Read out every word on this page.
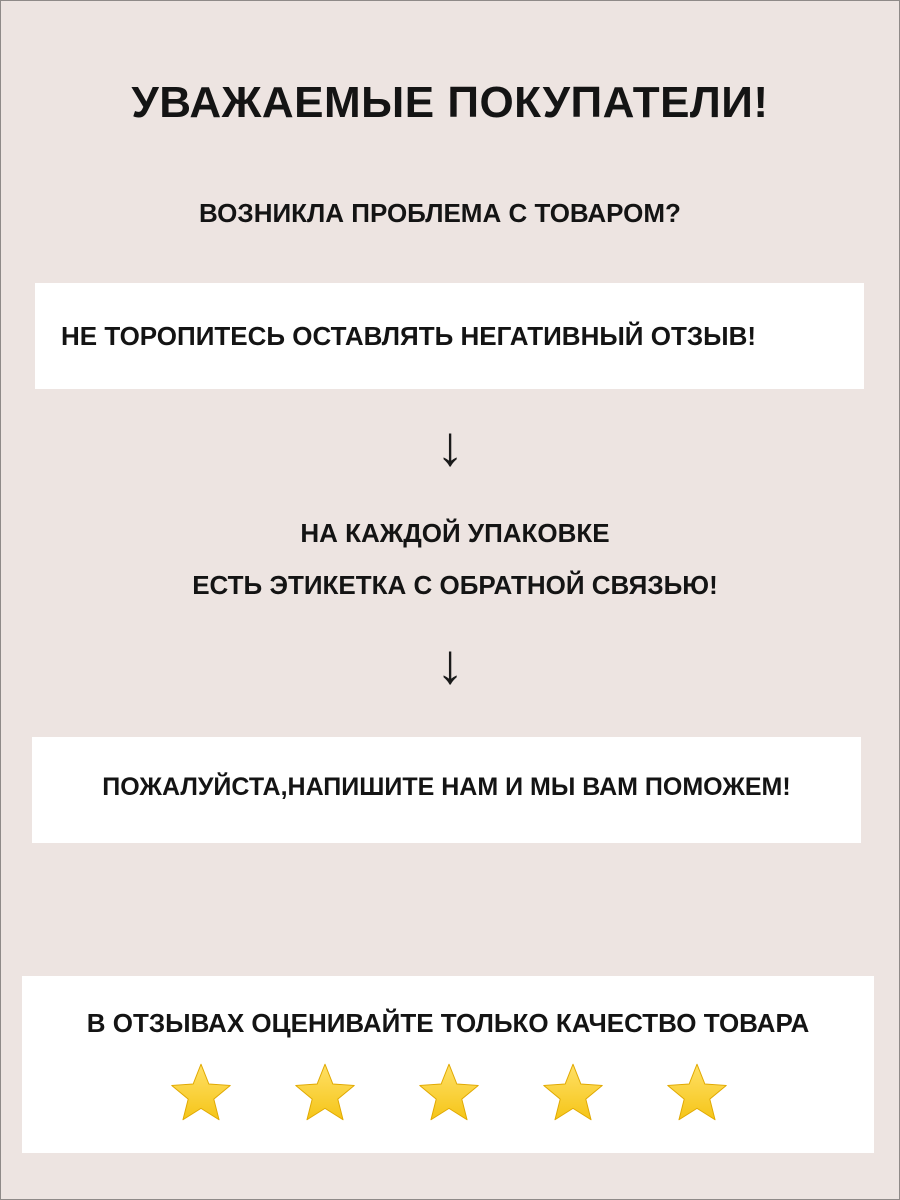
УВАЖАЕМЫЕ ПОКУПАТЕЛИ!
ВОЗНИКЛА ПРОБЛЕМА С ТОВАРОМ?
НЕ ТОРОПИТЕСЬ ОСТАВЛЯТЬ НЕГАТИВНЫЙ ОТЗЫВ!
↓
НА КАЖДОЙ УПАКОВКЕ
ЕСТЬ ЭТИКЕТКА С ОБРАТНОЙ СВЯЗЬЮ!
↓
ПОЖАЛУЙСТА,НАПИШИТЕ НАМ И МЫ ВАМ ПОМОЖЕМ!
В ОТЗЫВАХ ОЦЕНИВАЙТЕ ТОЛЬКО КАЧЕСТВО ТОВАРА
